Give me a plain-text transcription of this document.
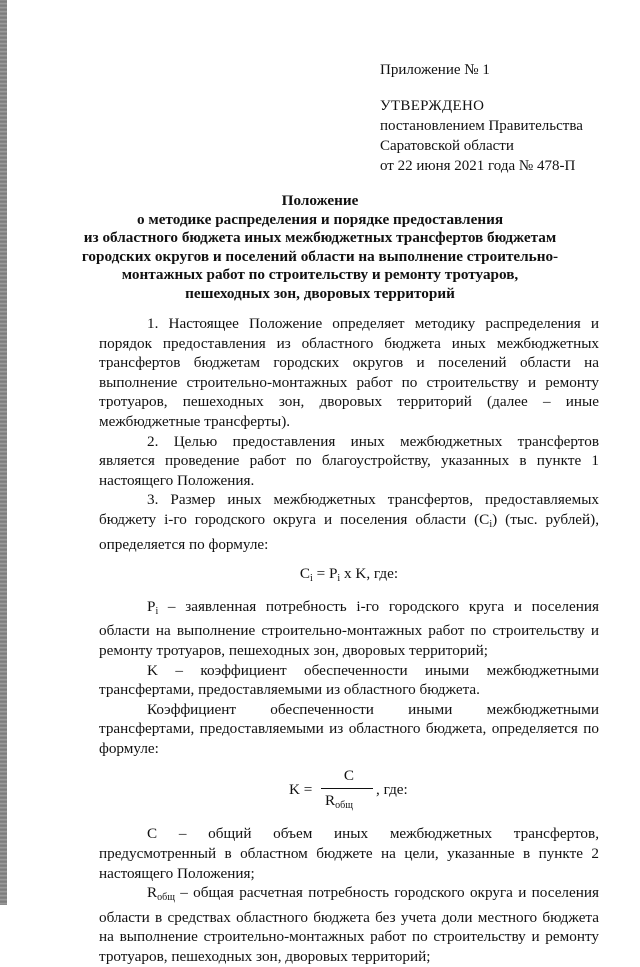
Приложение № 1
УТВЕРЖДЕНО
постановлением Правительства
Саратовской области
от 22 июня 2021 года № 478-П
Положение
о методике распределения и порядке предоставления
из областного бюджета иных межбюджетных трансфертов бюджетам
городских округов и поселений области на выполнение строительно-
монтажных работ по строительству и ремонту тротуаров,
пешеходных зон, дворовых территорий

1. Настоящее Положение определяет методику распределения и порядок предоставления из областного бюджета иных межбюджетных трансфертов бюджетам городских округов и поселений области на выполнение строительно-монтажных работ по строительству и ремонту тротуаров, пешеходных зон, дворовых территорий (далее – иные межбюджетные трансферты).

2. Целью предоставления иных межбюджетных трансфертов является проведение работ по благоустройству, указанных в пункте 1 настоящего Положения.

3. Размер иных межбюджетных трансфертов, предоставляемых бюджету i-го городского округа и поселения области $(C_i)$ (тыс. рублей), определяется по формуле:

$C_i = P_i$ x K, где:

$P_i$ – заявленная потребность i-го городского круга и поселения области на выполнение строительно-монтажных работ по строительству и ремонту тротуаров, пешеходных зон, дворовых территорий;

K – коэффициент обеспеченности иными межбюджетными трансфертами, предоставляемыми из областного бюджета.

Коэффициент обеспеченности иными межбюджетными трансфертами, предоставляемыми из областного бюджета, определяется по формуле:

K =
C
$R_{общ}$
, где:

C – общий объем иных межбюджетных трансфертов, предусмотренный в областном бюджете на цели, указанные в пункте 2 настоящего Положения;

$R_{общ}$ – общая расчетная потребность городского округа и поселения области в средствах областного бюджета без учета доли местного бюджета на выполнение строительно-монтажных работ по строительству и ремонту тротуаров, пешеходных зон, дворовых территорий;
